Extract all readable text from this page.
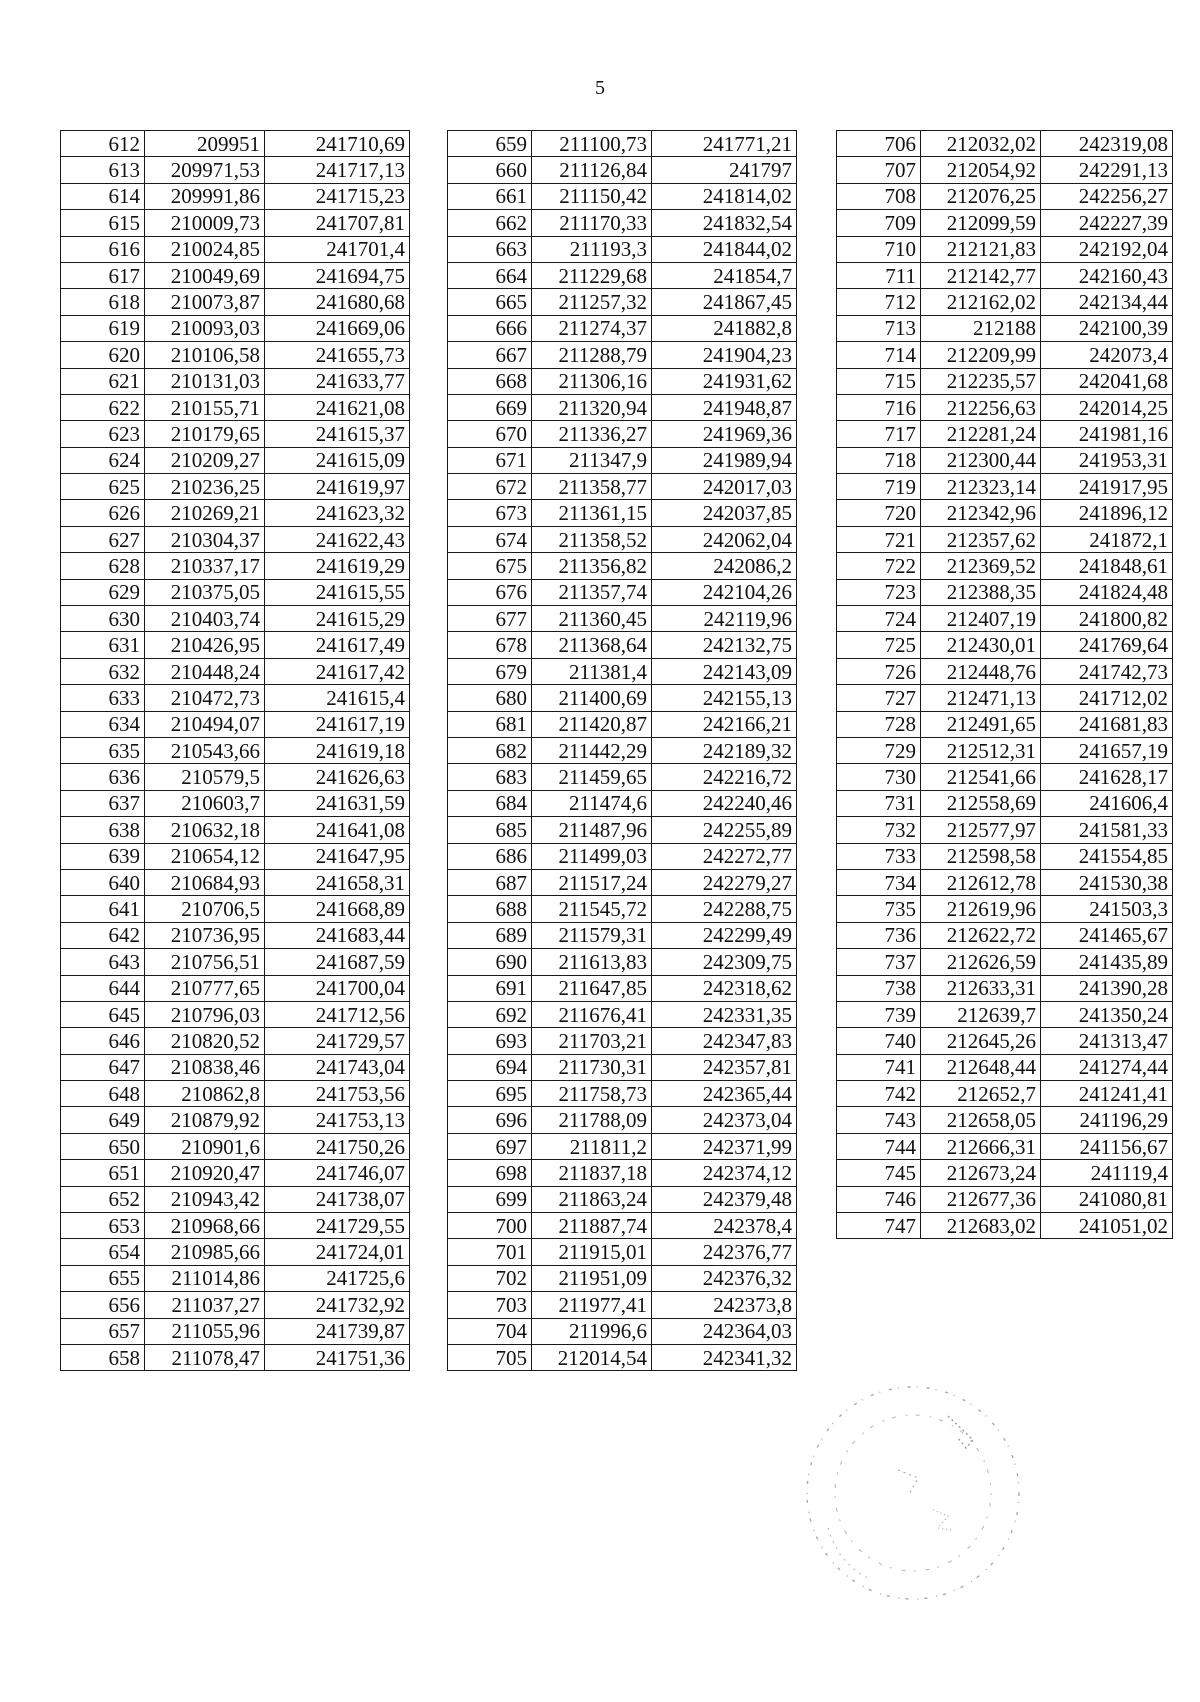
5
612	209951	241710,69
613	209971,53	241717,13
614	209991,86	241715,23
615	210009,73	241707,81
616	210024,85	241701,4
617	210049,69	241694,75
618	210073,87	241680,68
619	210093,03	241669,06
620	210106,58	241655,73
621	210131,03	241633,77
622	210155,71	241621,08
623	210179,65	241615,37
624	210209,27	241615,09
625	210236,25	241619,97
626	210269,21	241623,32
627	210304,37	241622,43
628	210337,17	241619,29
629	210375,05	241615,55
630	210403,74	241615,29
631	210426,95	241617,49
632	210448,24	241617,42
633	210472,73	241615,4
634	210494,07	241617,19
635	210543,66	241619,18
636	210579,5	241626,63
637	210603,7	241631,59
638	210632,18	241641,08
639	210654,12	241647,95
640	210684,93	241658,31
641	210706,5	241668,89
642	210736,95	241683,44
643	210756,51	241687,59
644	210777,65	241700,04
645	210796,03	241712,56
646	210820,52	241729,57
647	210838,46	241743,04
648	210862,8	241753,56
649	210879,92	241753,13
650	210901,6	241750,26
651	210920,47	241746,07
652	210943,42	241738,07
653	210968,66	241729,55
654	210985,66	241724,01
655	211014,86	241725,6
656	211037,27	241732,92
657	211055,96	241739,87
658	211078,47	241751,36
659	211100,73	241771,21
660	211126,84	241797
661	211150,42	241814,02
662	211170,33	241832,54
663	211193,3	241844,02
664	211229,68	241854,7
665	211257,32	241867,45
666	211274,37	241882,8
667	211288,79	241904,23
668	211306,16	241931,62
669	211320,94	241948,87
670	211336,27	241969,36
671	211347,9	241989,94
672	211358,77	242017,03
673	211361,15	242037,85
674	211358,52	242062,04
675	211356,82	242086,2
676	211357,74	242104,26
677	211360,45	242119,96
678	211368,64	242132,75
679	211381,4	242143,09
680	211400,69	242155,13
681	211420,87	242166,21
682	211442,29	242189,32
683	211459,65	242216,72
684	211474,6	242240,46
685	211487,96	242255,89
686	211499,03	242272,77
687	211517,24	242279,27
688	211545,72	242288,75
689	211579,31	242299,49
690	211613,83	242309,75
691	211647,85	242318,62
692	211676,41	242331,35
693	211703,21	242347,83
694	211730,31	242357,81
695	211758,73	242365,44
696	211788,09	242373,04
697	211811,2	242371,99
698	211837,18	242374,12
699	211863,24	242379,48
700	211887,74	242378,4
701	211915,01	242376,77
702	211951,09	242376,32
703	211977,41	242373,8
704	211996,6	242364,03
705	212014,54	242341,32
706	212032,02	242319,08
707	212054,92	242291,13
708	212076,25	242256,27
709	212099,59	242227,39
710	212121,83	242192,04
711	212142,77	242160,43
712	212162,02	242134,44
713	212188	242100,39
714	212209,99	242073,4
715	212235,57	242041,68
716	212256,63	242014,25
717	212281,24	241981,16
718	212300,44	241953,31
719	212323,14	241917,95
720	212342,96	241896,12
721	212357,62	241872,1
722	212369,52	241848,61
723	212388,35	241824,48
724	212407,19	241800,82
725	212430,01	241769,64
726	212448,76	241742,73
727	212471,13	241712,02
728	212491,65	241681,83
729	212512,31	241657,19
730	212541,66	241628,17
731	212558,69	241606,4
732	212577,97	241581,33
733	212598,58	241554,85
734	212612,78	241530,38
735	212619,96	241503,3
736	212622,72	241465,67
737	212626,59	241435,89
738	212633,31	241390,28
739	212639,7	241350,24
740	212645,26	241313,47
741	212648,44	241274,44
742	212652,7	241241,41
743	212658,05	241196,29
744	212666,31	241156,67
745	212673,24	241119,4
746	212677,36	241080,81
747	212683,02	241051,02
